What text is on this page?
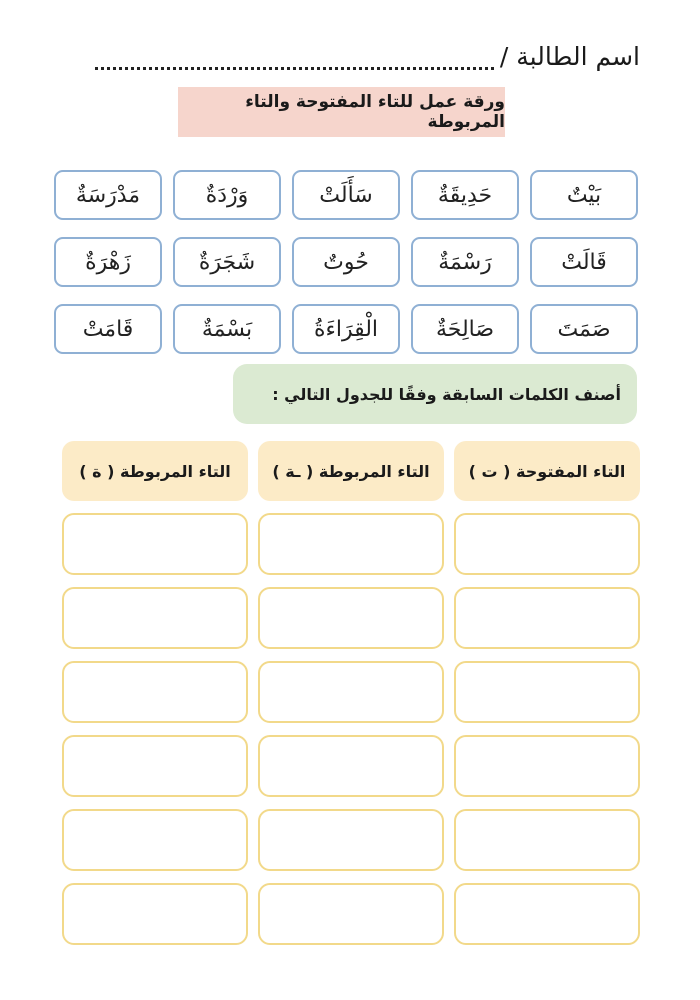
اسم الطالبة /
ورقة عمل للتاء المفتوحة والتاء المربوطة
بَيْتٌ
حَدِيقَةٌ
سَأَلَتْ
وَرْدَةٌ
مَدْرَسَةٌ
قَالَتْ
رَسْمَةٌ
حُوتٌ
شَجَرَةٌ
زَهْرَةٌ
صَمَتَ
صَالِحَةٌ
الْقِرَاءَةُ
بَسْمَةٌ
قَامَتْ
أصنف الكلمات السابقة وفقًا للجدول التالي :
التاء المفتوحة ( ت )
التاء المربوطة ( ـة )
التاء المربوطة ( ة )
